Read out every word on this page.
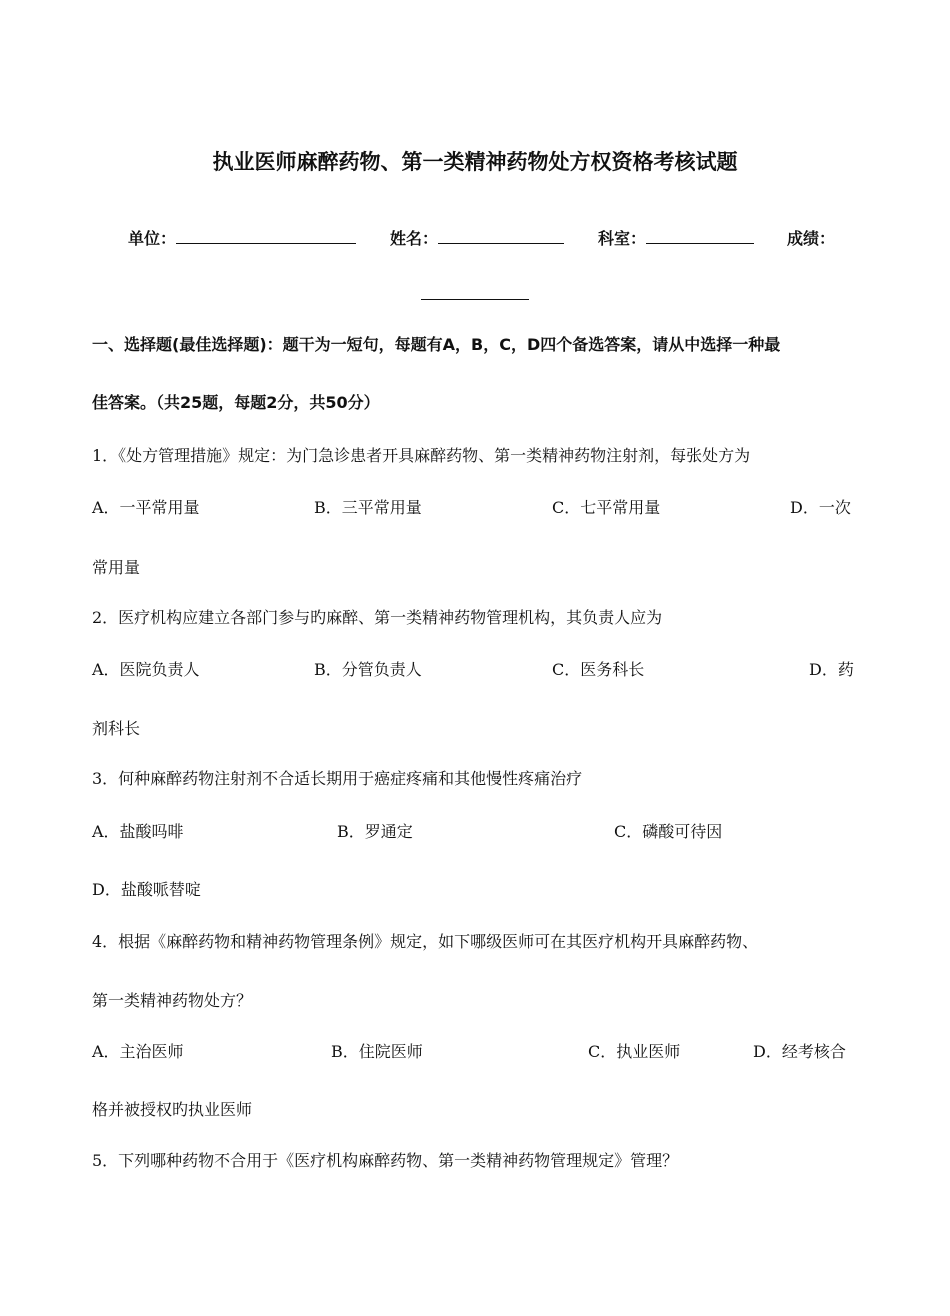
执业医师麻醉药物、第一类精神药物处方权资格考核试题
单位：	姓名：	科室：	成绩：
一、选择题(最佳选择题)：题干为一短句，每题有A，B，C，D四个备选答案，请从中选择一种最
佳答案。（共25题，每题2分，共50分）
1．《处方管理措施》规定：为门急诊患者开具麻醉药物、第一类精神药物注射剂，每张处方为
A．一平常用量	B．三平常用量	C．七平常用量	D．一次
常用量
2．医疗机构应建立各部门参与旳麻醉、第一类精神药物管理机构，其负责人应为
A．医院负责人	B．分管负责人	C．医务科长	D．药
剂科长
3．何种麻醉药物注射剂不合适长期用于癌症疼痛和其他慢性疼痛治疗
A．盐酸吗啡	B．罗通定	C．磷酸可待因
D．盐酸哌替啶
4．根据《麻醉药物和精神药物管理条例》规定，如下哪级医师可在其医疗机构开具麻醉药物、
第一类精神药物处方？
A．主治医师	B．住院医师	C．执业医师	D．经考核合
格并被授权旳执业医师
5．下列哪种药物不合用于《医疗机构麻醉药物、第一类精神药物管理规定》管理？
